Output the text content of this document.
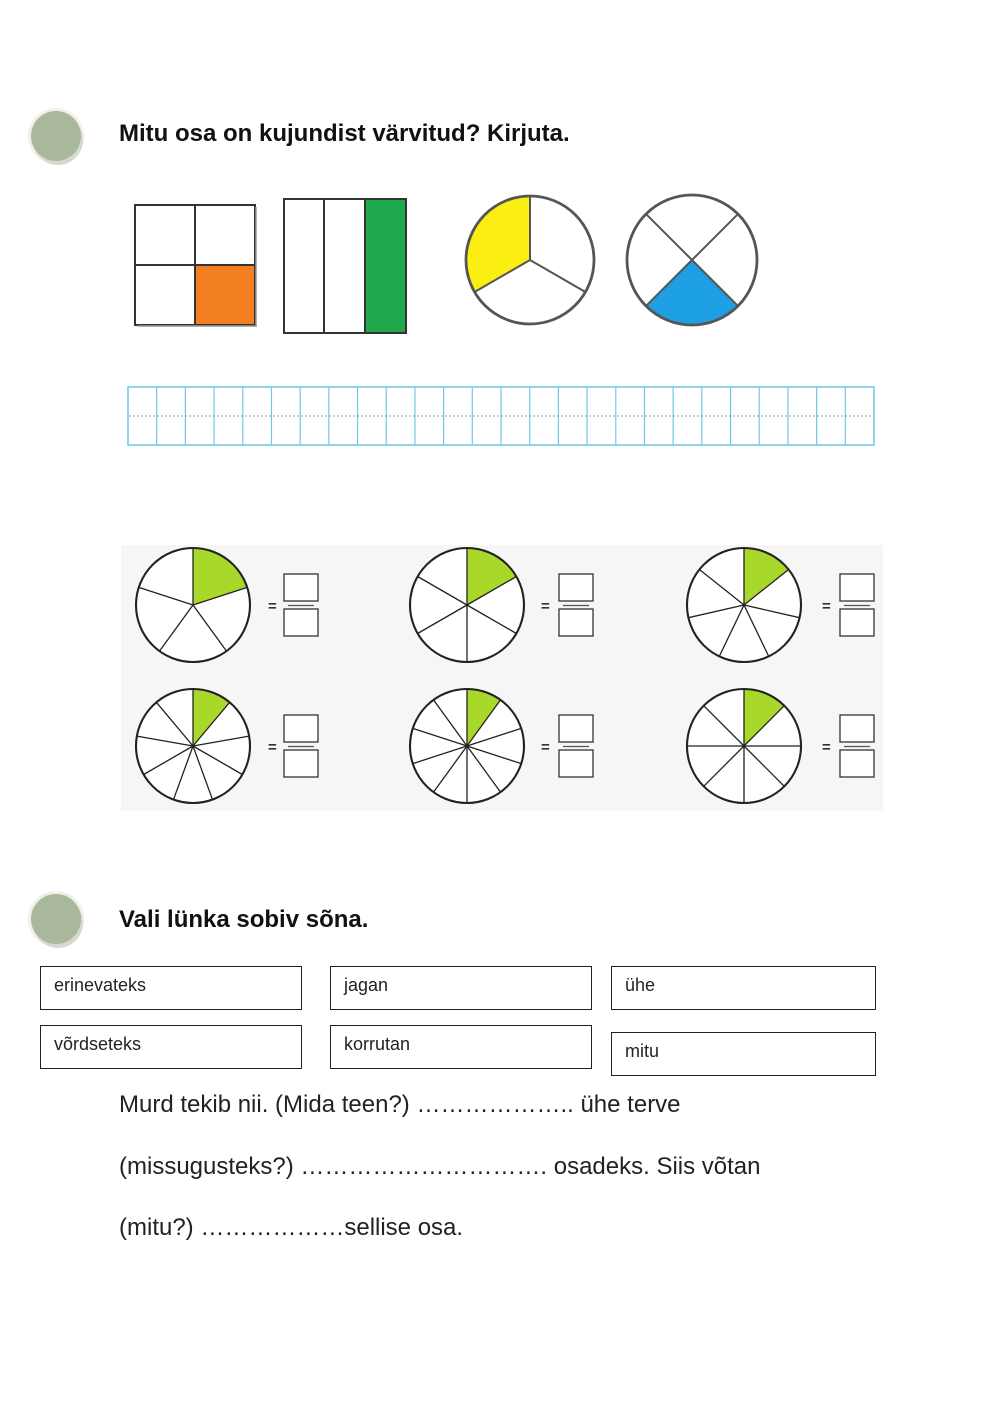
Mitu osa on kujundist värvitud? Kirjuta.
=	=	=
=	=	=
Vali lünka sobiv sõna.
erinevateks	jagan	ühe
võrdseteks	korrutan	mitu
Murd tekib nii. (Mida teen?) ……………….. ühe terve
(missugusteks?) …………………………. osadeks. Siis võtan
(mitu?) ………………sellise osa.
